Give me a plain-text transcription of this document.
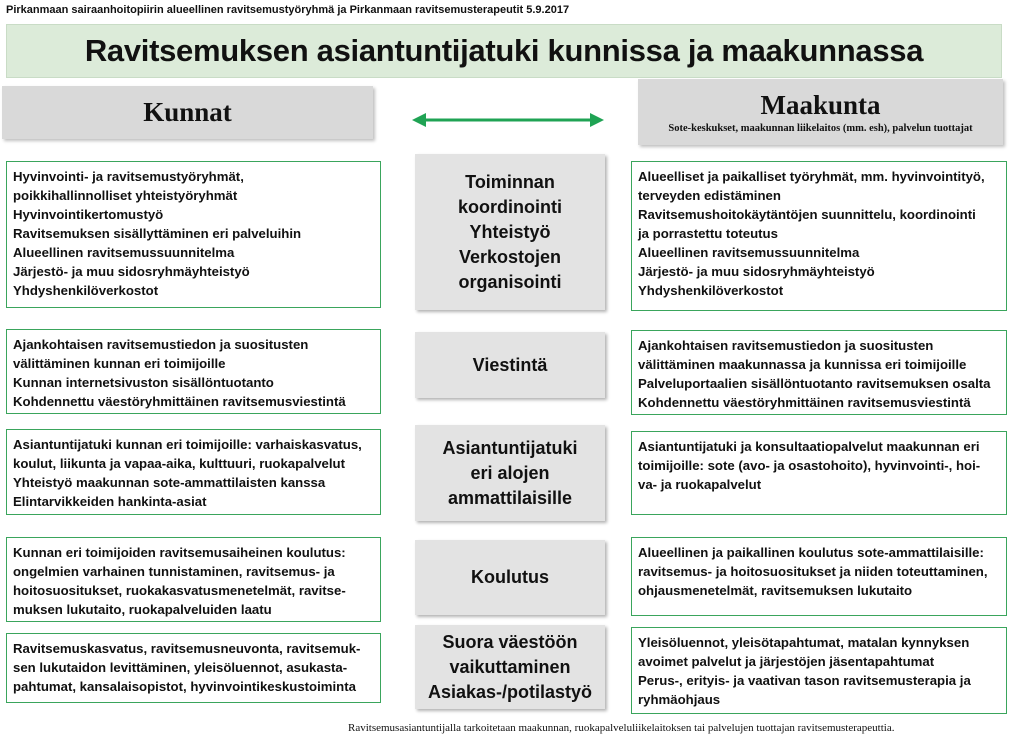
Pirkanmaan sairaanhoitopiirin alueellinen ravitsemustyöryhmä ja Pirkanmaan ravitsemusterapeutit 5.9.2017
Ravitsemuksen asiantuntijatuki kunnissa ja maakunnassa
Kunnat	Maakunta
Sote-keskukset, maakunnan liikelaitos (mm. esh), palvelun tuottajat
Hyvinvointi- ja ravitsemustyöryhmät,
poikkihallinnolliset yhteistyöryhmät
Hyvinvointikertomustyö
Ravitsemuksen sisällyttäminen eri palveluihin
Alueellinen ravitsemussuunnitelma
Järjestö- ja muu sidosryhmäyhteistyö
Yhdyshenkilöverkostot
Toiminnan
koordinointi
Yhteistyö
Verkostojen
organisointi
Alueelliset ja paikalliset työryhmät, mm. hyvinvointityö,
terveyden edistäminen
Ravitsemushoitokäytäntöjen suunnittelu, koordinointi
ja porrastettu toteutus
Alueellinen ravitsemussuunnitelma
Järjestö- ja muu sidosryhmäyhteistyö
Yhdyshenkilöverkostot
Ajankohtaisen ravitsemustiedon ja suositusten
välittäminen kunnan eri toimijoille
Kunnan internetsivuston sisällöntuotanto
Kohdennettu väestöryhmittäinen ravitsemusviestintä
Viestintä
Ajankohtaisen ravitsemustiedon ja suositusten
välittäminen maakunnassa ja kunnissa eri toimijoille
Palveluportaalien sisällöntuotanto ravitsemuksen osalta
Kohdennettu väestöryhmittäinen ravitsemusviestintä
Asiantuntijatuki kunnan eri toimijoille: varhaiskasvatus,
koulut, liikunta ja vapaa-aika, kulttuuri, ruokapalvelut
Yhteistyö maakunnan sote-ammattilaisten kanssa
Elintarvikkeiden hankinta-asiat
Asiantuntijatuki
eri alojen
ammattilaisille
Asiantuntijatuki ja konsultaatiopalvelut maakunnan eri
toimijoille: sote (avo- ja osastohoito), hyvinvointi-, hoi-
va- ja ruokapalvelut
Kunnan eri toimijoiden ravitsemusaiheinen koulutus:
ongelmien varhainen tunnistaminen, ravitsemus- ja
hoitosuositukset, ruokakasvatusmenetelmät, ravitse-
muksen lukutaito, ruokapalveluiden laatu
Koulutus
Alueellinen ja paikallinen koulutus sote-ammattilaisille:
ravitsemus- ja hoitosuositukset ja niiden toteuttaminen,
ohjausmenetelmät, ravitsemuksen lukutaito
Ravitsemuskasvatus, ravitsemusneuvonta, ravitsemuk-
sen lukutaidon levittäminen, yleisöluennot, asukasta-
pahtumat, kansalaisopistot, hyvinvointikeskustoiminta
Suora väestöön
vaikuttaminen
Asiakas-/potilastyö
Yleisöluennot, yleisötapahtumat, matalan kynnyksen
avoimet palvelut ja järjestöjen jäsentapahtumat
Perus-, erityis- ja vaativan tason ravitsemusterapia ja
ryhmäohjaus
Ravitsemusasiantuntijalla tarkoitetaan maakunnan, ruokapalveluliikelaitoksen tai palvelujen tuottajan ravitsemusterapeuttia.
